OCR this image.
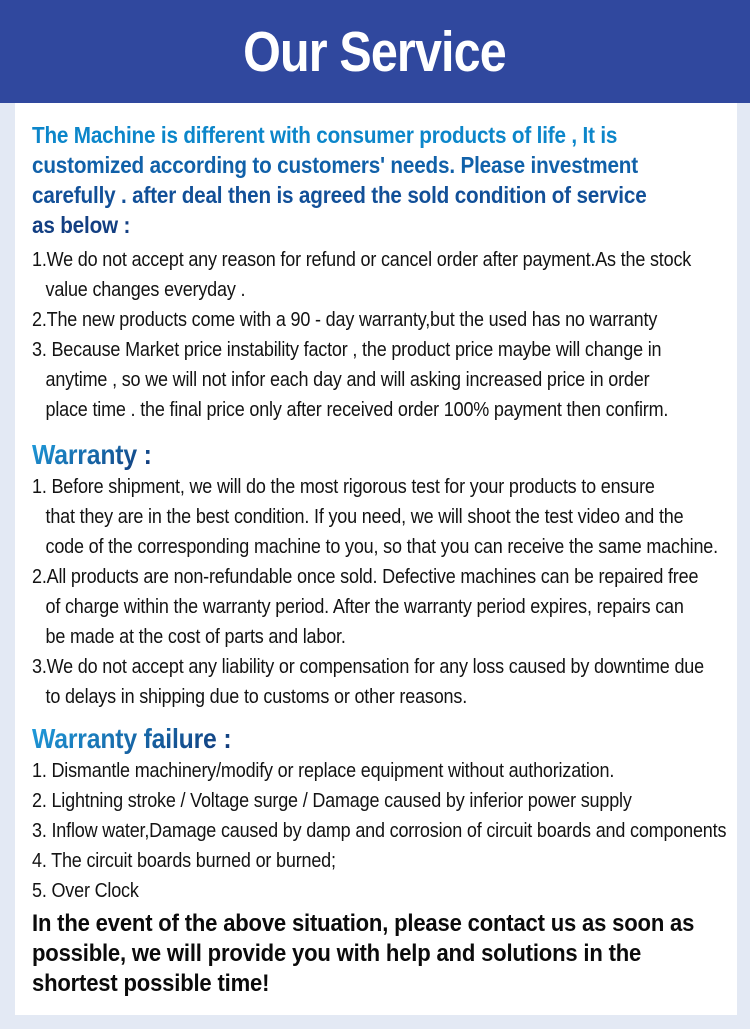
Our Service
The Machine is different with consumer products of life , It is
customized according to customers' needs. Please investment
carefully . after deal then is agreed the sold condition of service
as below :
1.We do not accept any reason for refund or cancel order after payment.As the stock
value changes everyday .
2.The new products come with a 90 - day warranty,but the used has no warranty
3. Because Market price instability factor , the product price maybe will change in
anytime , so we will not infor each day and will asking increased price in order
place time . the final price only after received order 100% payment then confirm.
Warranty :
1. Before shipment, we will do the most rigorous test for your products to ensure
that they are in the best condition. If you need, we will shoot the test video and the
code of the corresponding machine to you, so that you can receive the same machine.
2.All products are non-refundable once sold. Defective machines can be repaired free
of charge within the warranty period. After the warranty period expires, repairs can
be made at the cost of parts and labor.
3.We do not accept any liability or compensation for any loss caused by downtime due
to delays in shipping due to customs or other reasons.
Warranty failure :
1. Dismantle machinery/modify or replace equipment without authorization.
2. Lightning stroke / Voltage surge / Damage caused by inferior power supply
3. Inflow water,Damage caused by damp and corrosion of circuit boards and components
4. The circuit boards burned or burned;
5. Over Clock
In the event of the above situation, please contact us as soon as
possible, we will provide you with help and solutions in the
shortest possible time!
